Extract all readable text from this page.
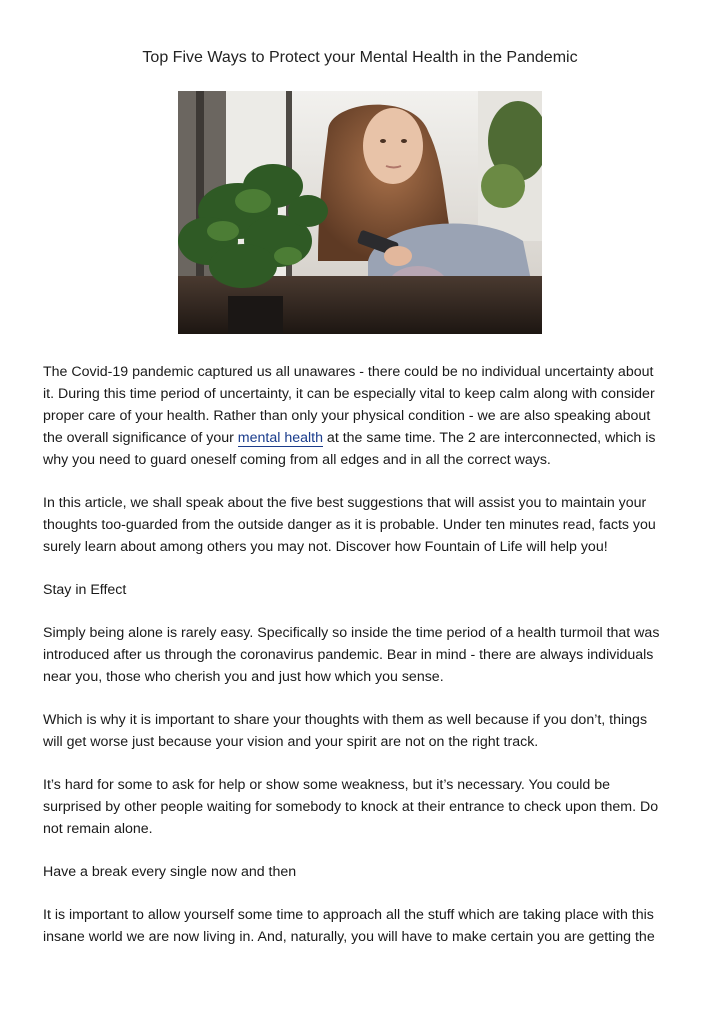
Top Five Ways to Protect your Mental Health in the Pandemic

The Covid-19 pandemic captured us all unawares - there could be no individual uncertainty about
it. During this time period of uncertainty, it can be especially vital to keep calm along with consider
proper care of your health. Rather than only your physical condition - we are also speaking about
the overall significance of your mental health at the same time. The 2 are interconnected, which is
why you need to guard oneself coming from all edges and in all the correct ways.

In this article, we shall speak about the five best suggestions that will assist you to maintain your
thoughts too-guarded from the outside danger as it is probable. Under ten minutes read, facts you
surely learn about among others you may not. Discover how Fountain of Life will help you!

Stay in Effect

Simply being alone is rarely easy. Specifically so inside the time period of a health turmoil that was
introduced after us through the coronavirus pandemic. Bear in mind - there are always individuals
near you, those who cherish you and just how which you sense.

Which is why it is important to share your thoughts with them as well because if you don’t, things
will get worse just because your vision and your spirit are not on the right track.

It’s hard for some to ask for help or show some weakness, but it’s necessary. You could be
surprised by other people waiting for somebody to knock at their entrance to check upon them. Do
not remain alone.

Have a break every single now and then

It is important to allow yourself some time to approach all the stuff which are taking place with this
insane world we are now living in. And, naturally, you will have to make certain you are getting the
